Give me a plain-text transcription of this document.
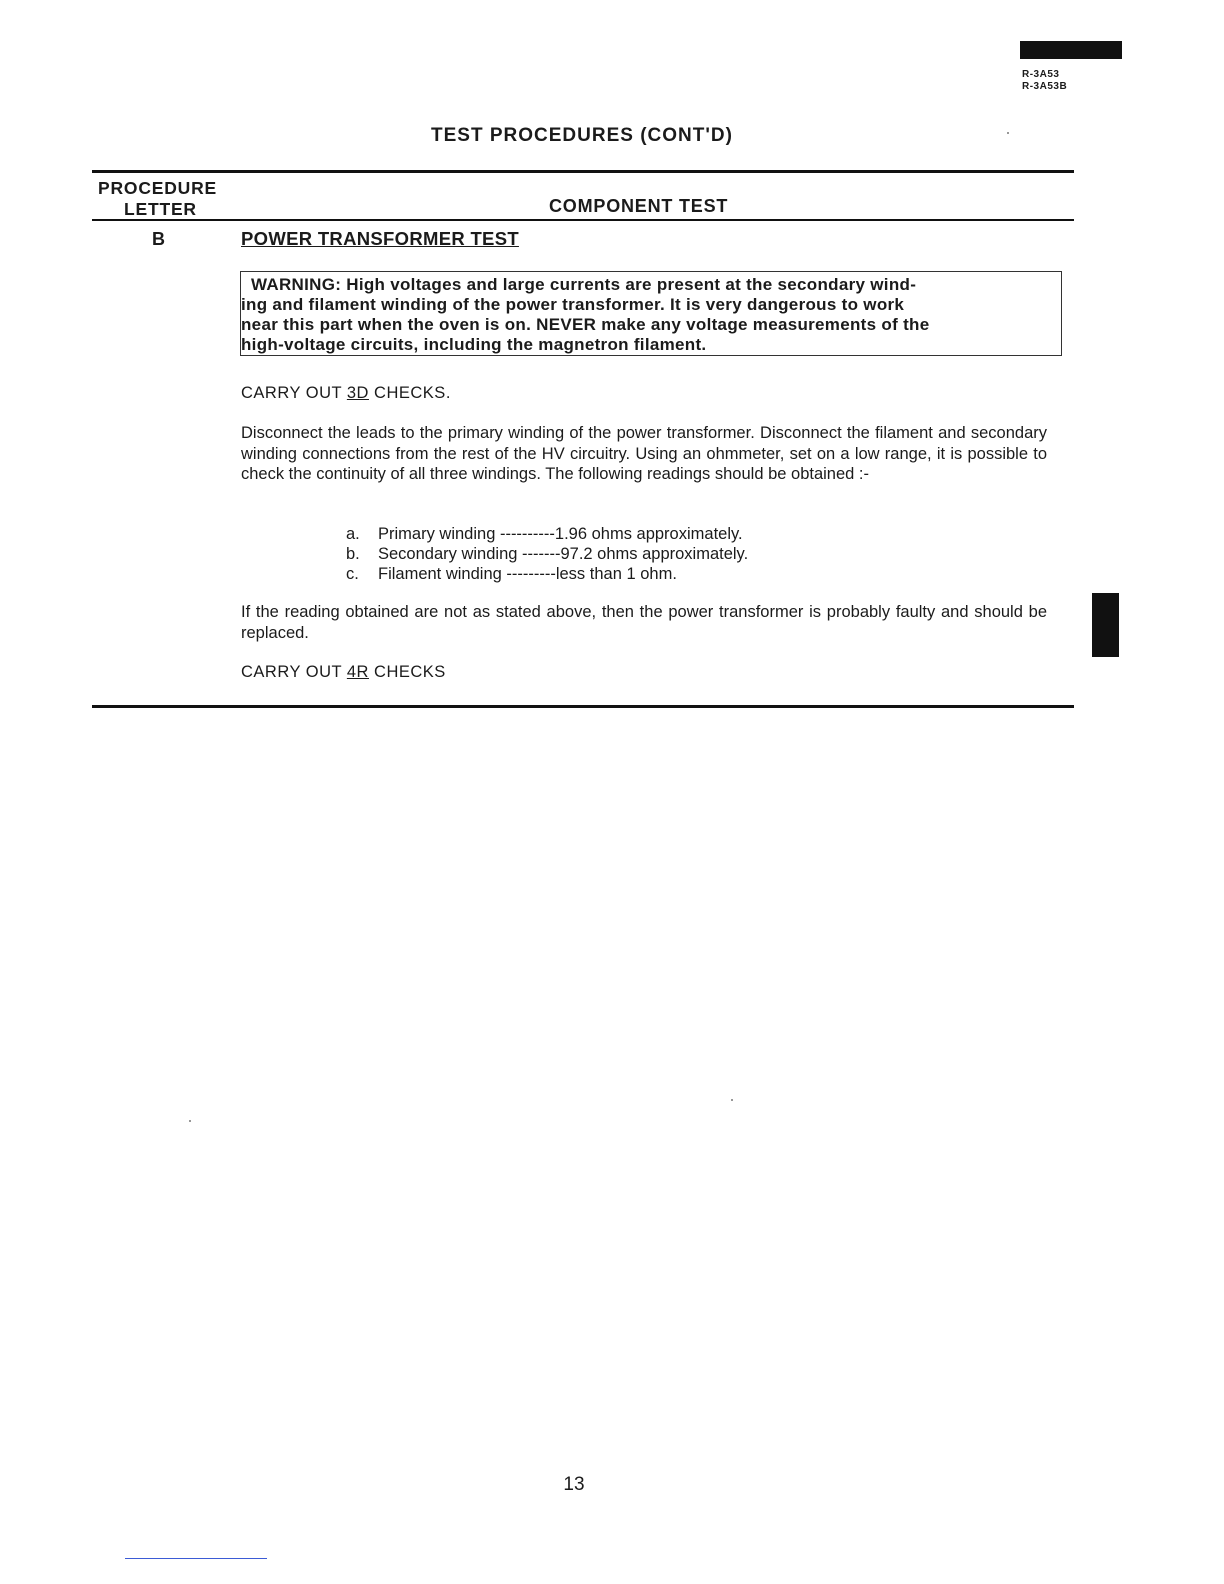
R-3A53
R-3A53B
TEST PROCEDURES (CONT'D)
PROCEDURE
LETTER	COMPONENT TEST
B	POWER TRANSFORMER TEST
WARNING: High voltages and large currents are present at the secondary wind-
ing and filament winding of the power transformer. It is very dangerous to work
near this part when the oven is on. NEVER make any voltage measurements of the
high-voltage circuits, including the magnetron filament.
CARRY OUT 3D CHECKS.
Disconnect the leads to the primary winding of the power transformer. Disconnect the filament and secondary winding connections from the rest of the HV circuitry. Using an ohmmeter, set on a low range, it is possible to check the continuity of all three windings. The following readings should be obtained :-
a. Primary winding ----------1.96 ohms approximately.
b. Secondary winding -------97.2 ohms approximately.
c. Filament winding ---------less than 1 ohm.
If the reading obtained are not as stated above, then the power transformer is probably faulty and should be replaced.
CARRY OUT 4R CHECKS
13
